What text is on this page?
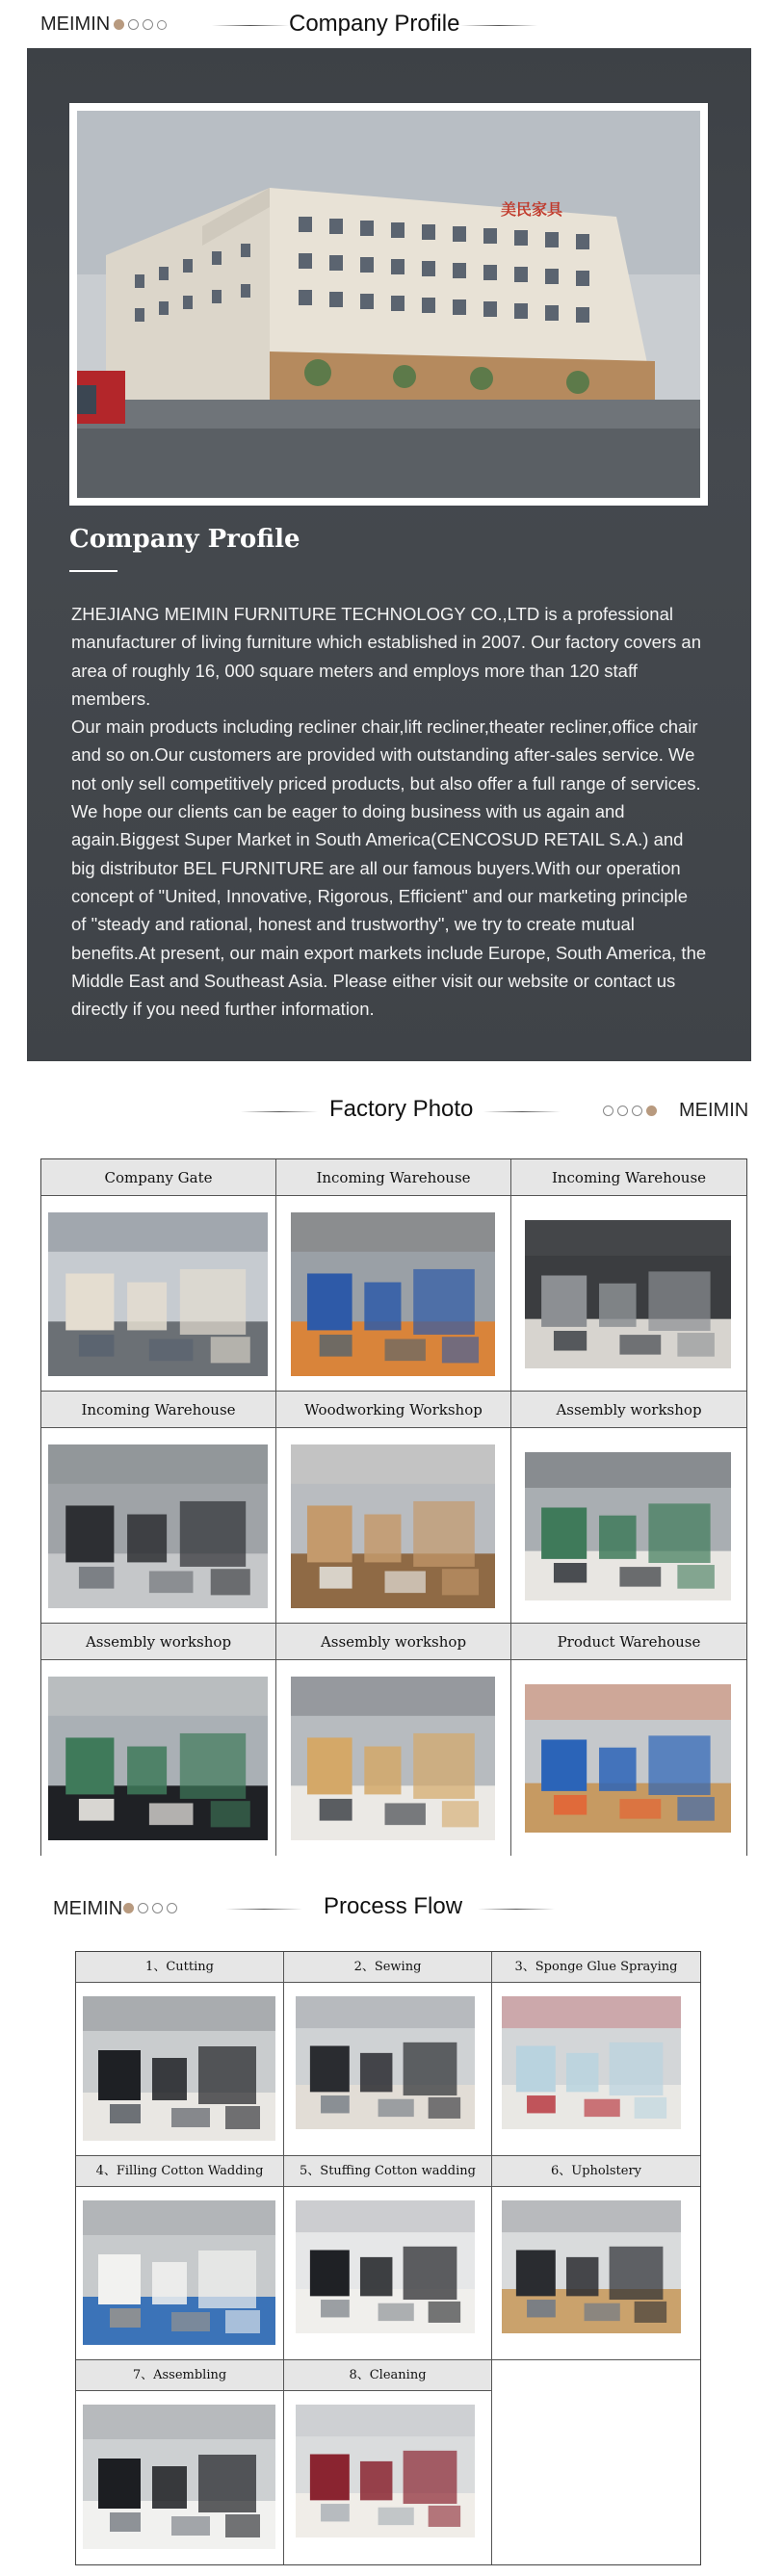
MEIMIN	Company Profile
美民家具
Company Profile

ZHEJIANG MEIMIN FURNITURE TECHNOLOGY CO.,LTD is a professional manufacturer of living furniture which established in 2007. Our factory covers an area of roughly 16, 000 square meters and employs more than 120 staff members.

Our main products including recliner chair,lift recliner,theater recliner,office chair and so on.Our customers are provided with outstanding after-sales service. We not only sell competitively priced products, but also offer a full range of services. We hope our clients can be eager to doing business with us again and again.Biggest Super Market in South America(CENCOSUD RETAIL S.A.) and big distributor BEL FURNITURE are all our famous buyers.With our operation concept of "United, Innovative, Rigorous, Efficient" and our marketing principle of "steady and rational, honest and trustworthy", we try to create mutual benefits.At present, our main export markets include Europe, South America, the Middle East and Southeast Asia. Please either visit our website or contact us directly if you need further information.

Factory Photo	MEIMIN
Company Gate	Incoming Warehouse	Incoming Warehouse
Incoming Warehouse	Woodworking Workshop	Assembly workshop
Assembly workshop	Assembly workshop	Product Warehouse
MEIMIN	Process Flow
1、Cutting	2、Sewing	3、Sponge Glue Spraying
4、Filling Cotton Wadding	5、Stuffing Cotton wadding	6、Upholstery
7、Assembling	8、Cleaning
